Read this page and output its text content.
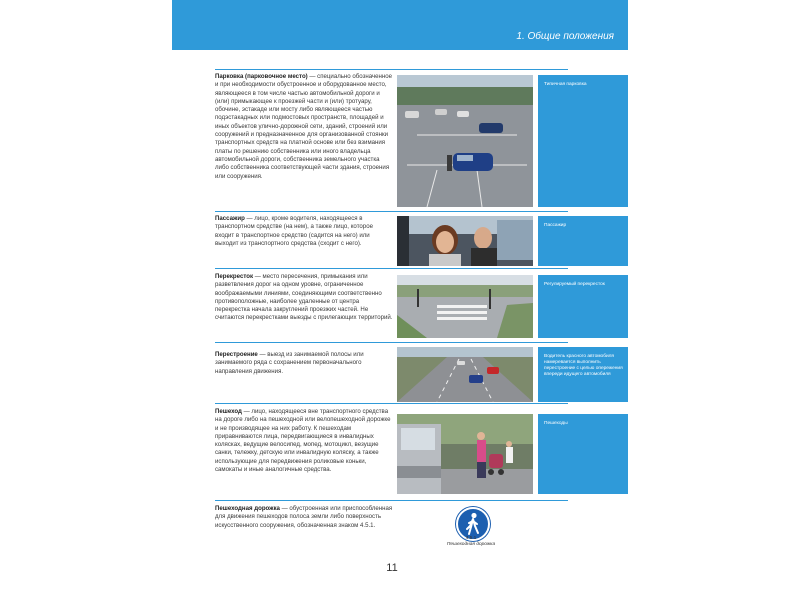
1. Общие положения
Парковка (парковочное место) — специально обозначенное и при необходимости обустроенное и оборудованное место, являющееся в том числе частью автомобильной дороги и (или) примыкающее к проезжей части и (или) тротуару, обочине, эстакаде или мосту либо являющееся частью подэстакадных или подмостовых пространств, площадей и иных объектов улично-дорожной сети, зданий, строений или сооружений и предназначенное для организованной стоянки транспортных средств на платной основе или без взимания платы по решению собственника или иного владельца автомобильной дороги, собственника земельного участка либо собственника соответствующей части здания, строения или сооружения.
Типичная парковка
Пассажир — лицо, кроме водителя, находящееся в транспортном средстве (на нем), а также лицо, которое входит в транспортное средство (садится на него) или выходит из транспортного средства (сходит с него).
Пассажир
Перекресток — место пересечения, примыкания или разветвления дорог на одном уровне, ограниченное воображаемыми линиями, соединяющими соответственно противоположные, наиболее удаленные от центра перекрестка начала закруглений проезжих частей. Не считаются перекрестками выезды с прилегающих территорий.
Регулируемый перекресток
Перестроение — выезд из занимаемой полосы или занимаемого ряда с сохранением первоначального направления движения.
Водитель красного автомобиля намеревается выполнить перестроение с целью опережения впереди идущего автомобиля
Пешеход — лицо, находящееся вне транспортного средства на дороге либо на пешеходной или велопешеходной дорожке и не производящее на них работу. К пешеходам приравниваются лица, передвигающиеся в инвалидных колясках, ведущие велосипед, мопед, мотоцикл, везущие санки, тележку, детскую или инвалидную коляску, а также использующие для передвижения роликовые коньки, самокаты и иные аналогичные средства.
Пешеходы
Пешеходная дорожка — обустроенная или приспособленная для движения пешеходов полоса земли либо поверхность искусственного сооружения, обозначенная знаком 4.5.1.
4.5.1
Пешеходная дорожка
11
